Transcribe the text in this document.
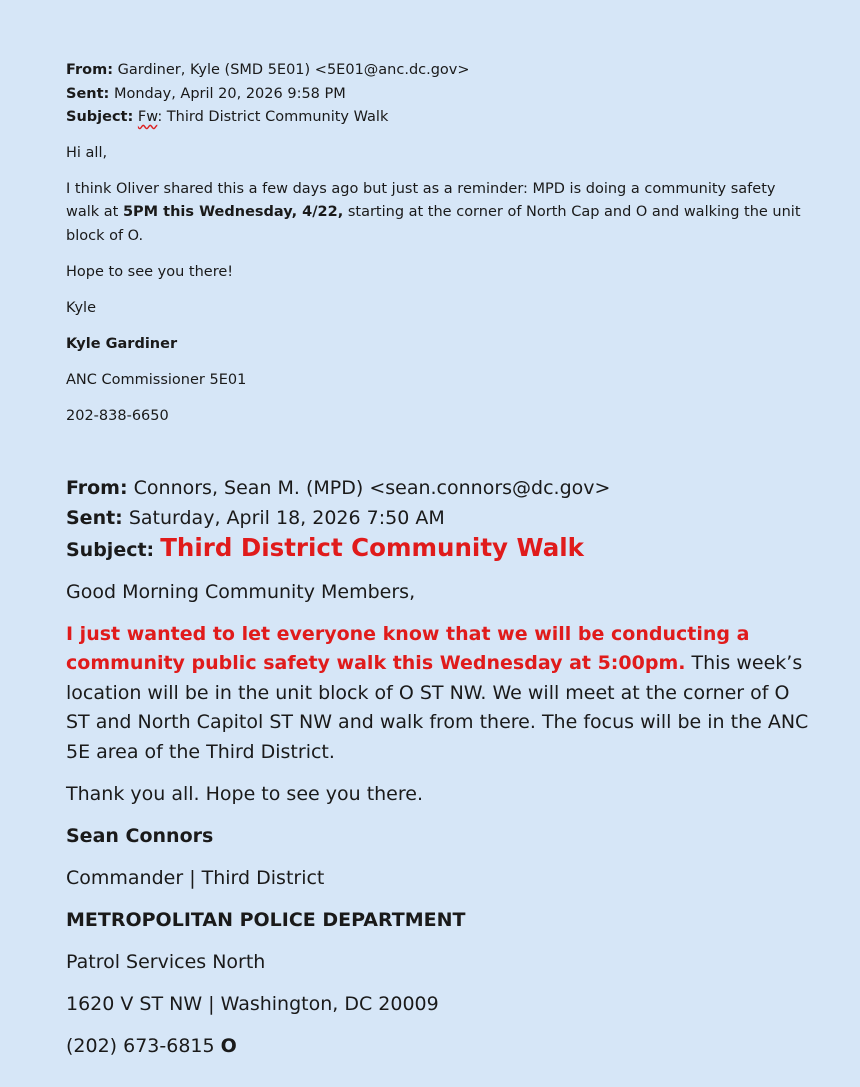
From: Gardiner, Kyle (SMD 5E01) <5E01@anc.dc.gov>
Sent: Monday, April 20, 2026 9:58 PM
Subject: Fw: Third District Community Walk

Hi all,

I think Oliver shared this a few days ago but just as a reminder: MPD is doing a community safety walk at 5PM this Wednesday, 4/22, starting at the corner of North Cap and O and walking the unit block of O.

Hope to see you there!

Kyle

Kyle Gardiner

ANC Commissioner 5E01

202-838-6650

From: Connors, Sean M. (MPD) <sean.connors@dc.gov>
Sent: Saturday, April 18, 2026 7:50 AM
Subject: Third District Community Walk

Good Morning Community Members,

I just wanted to let everyone know that we will be conducting a community public safety walk this Wednesday at 5:00pm. This week’s location will be in the unit block of O ST NW. We will meet at the corner of O ST and North Capitol ST NW and walk from there. The focus will be in the ANC 5E area of the Third District.

Thank you all. Hope to see you there.

Sean Connors

Commander | Third District

METROPOLITAN POLICE DEPARTMENT

Patrol Services North

1620 V ST NW | Washington, DC 20009

(202) 673-6815 O
